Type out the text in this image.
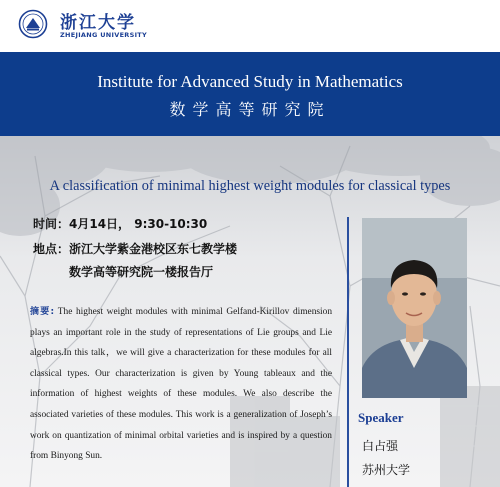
浙江大学
ZHEJIANG UNIVERSITY
Institute for Advanced Study in Mathematics
数学高等研究院
A classification of minimal highest weight modules for classical types
时间：4月14日， 9:30-10:30
地点：浙江大学紫金港校区东七教学楼
数学高等研究院一楼报告厅
摘要: The highest weight modules with minimal Gelfand-Kirillov dimension plays an important role in the study of representations of Lie groups and Lie algebras.In this talk，we will give a characterization for these modules for all classical types. Our characterization is given by Young tableaux and the information of highest weights of these modules. We also describe the associated varieties of these modules. This work is a generalization of Joseph’s work on quantization of minimal orbital varieties and is inspired by a question from Binyong Sun.
Speaker
白占强
苏州大学
